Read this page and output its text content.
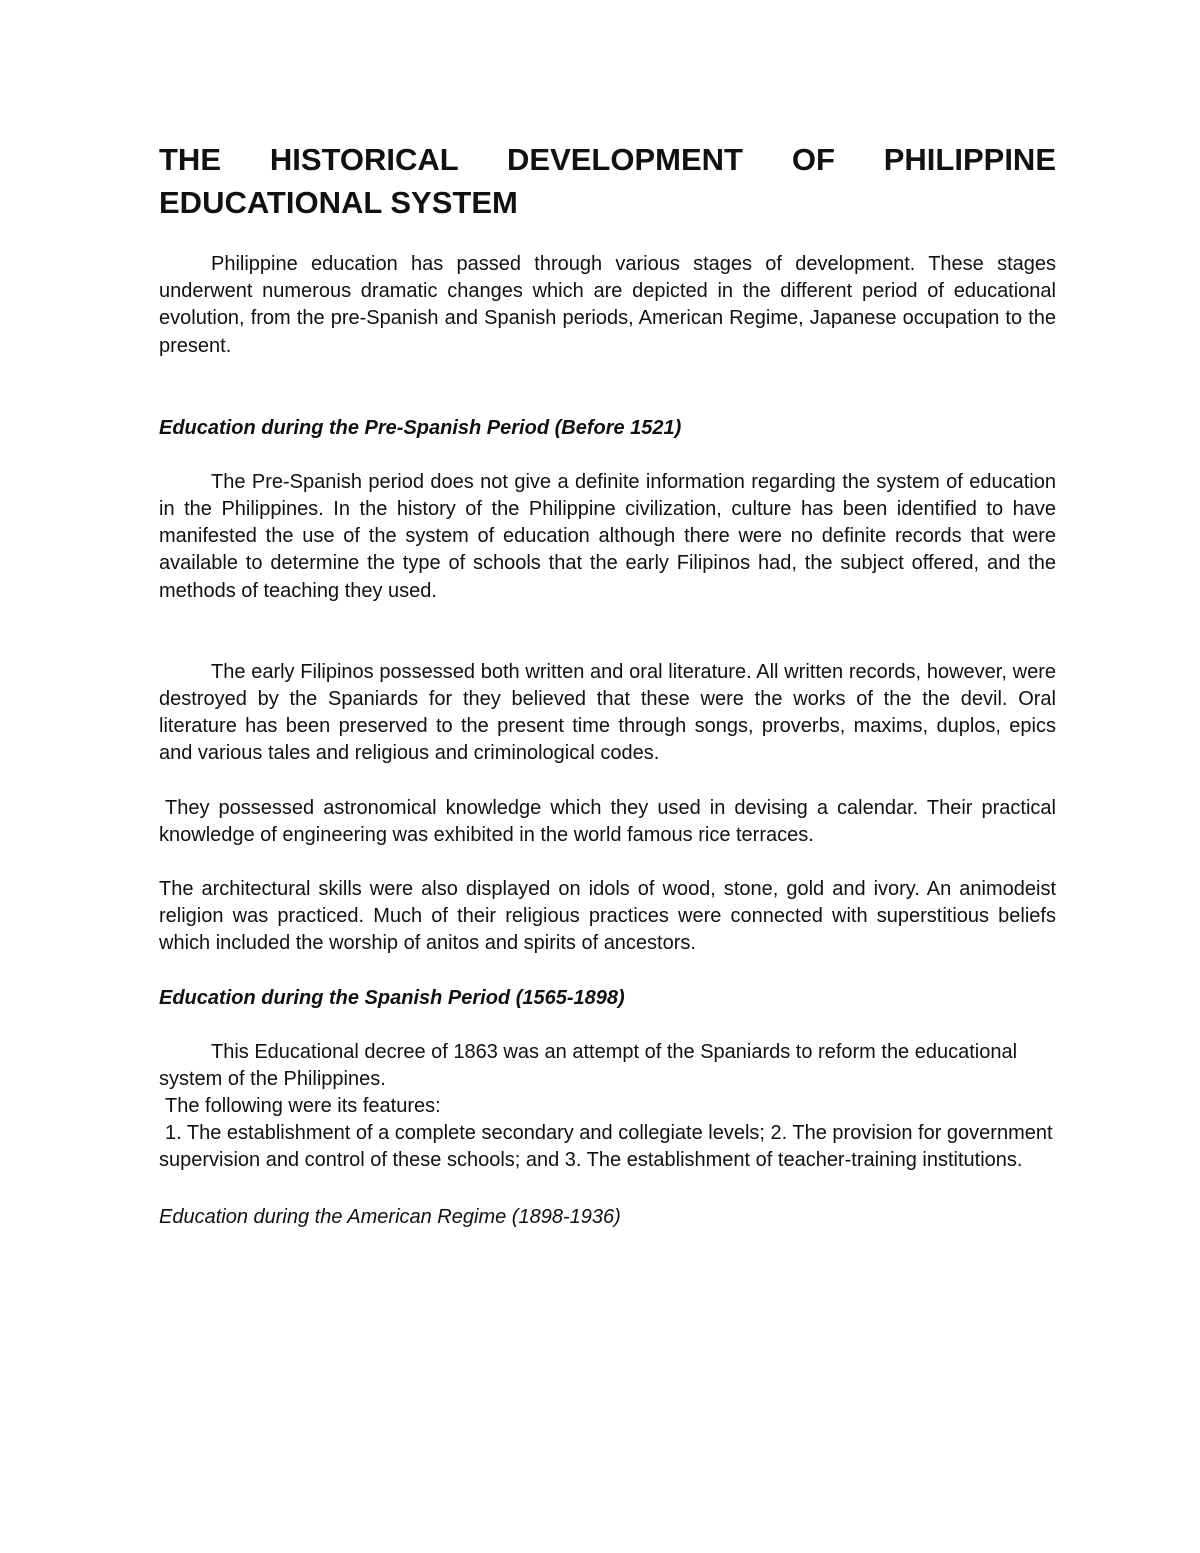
THE HISTORICAL DEVELOPMENT OF PHILIPPINE
EDUCATIONAL SYSTEM

Philippine education has passed through various stages of development. These stages underwent numerous dramatic changes which are depicted in the different period of educational evolution, from the pre-Spanish and Spanish periods, American Regime, Japanese occupation to the present.

Education during the Pre-Spanish Period (Before 1521)

The Pre-Spanish period does not give a definite information regarding the system of education in the Philippines. In the history of the Philippine civilization, culture has been identified to have manifested the use of the system of education although there were no definite records that were available to determine the type of schools that the early Filipinos had, the subject offered, and the methods of teaching they used.

The early Filipinos possessed both written and oral literature. All written records, however, were destroyed by the Spaniards for they believed that these were the works of the the devil. Oral literature has been preserved to the present time through songs, proverbs, maxims, duplos, epics and various tales and religious and criminological codes.

They possessed astronomical knowledge which they used in devising a calendar. Their practical knowledge of engineering was exhibited in the world famous rice terraces.

The architectural skills were also displayed on idols of wood, stone, gold and ivory. An animodeist religion was practiced. Much of their religious practices were connected with superstitious beliefs which included the worship of anitos and spirits of ancestors.

Education during the Spanish Period (1565-1898)

This Educational decree of 1863 was an attempt of the Spaniards to reform the educational system of the Philippines.

The following were its features:

1. The establishment of a complete secondary and collegiate levels; 2. The provision for government supervision and control of these schools; and 3. The establishment of teacher-training institutions.

Education during the American Regime (1898-1936)
